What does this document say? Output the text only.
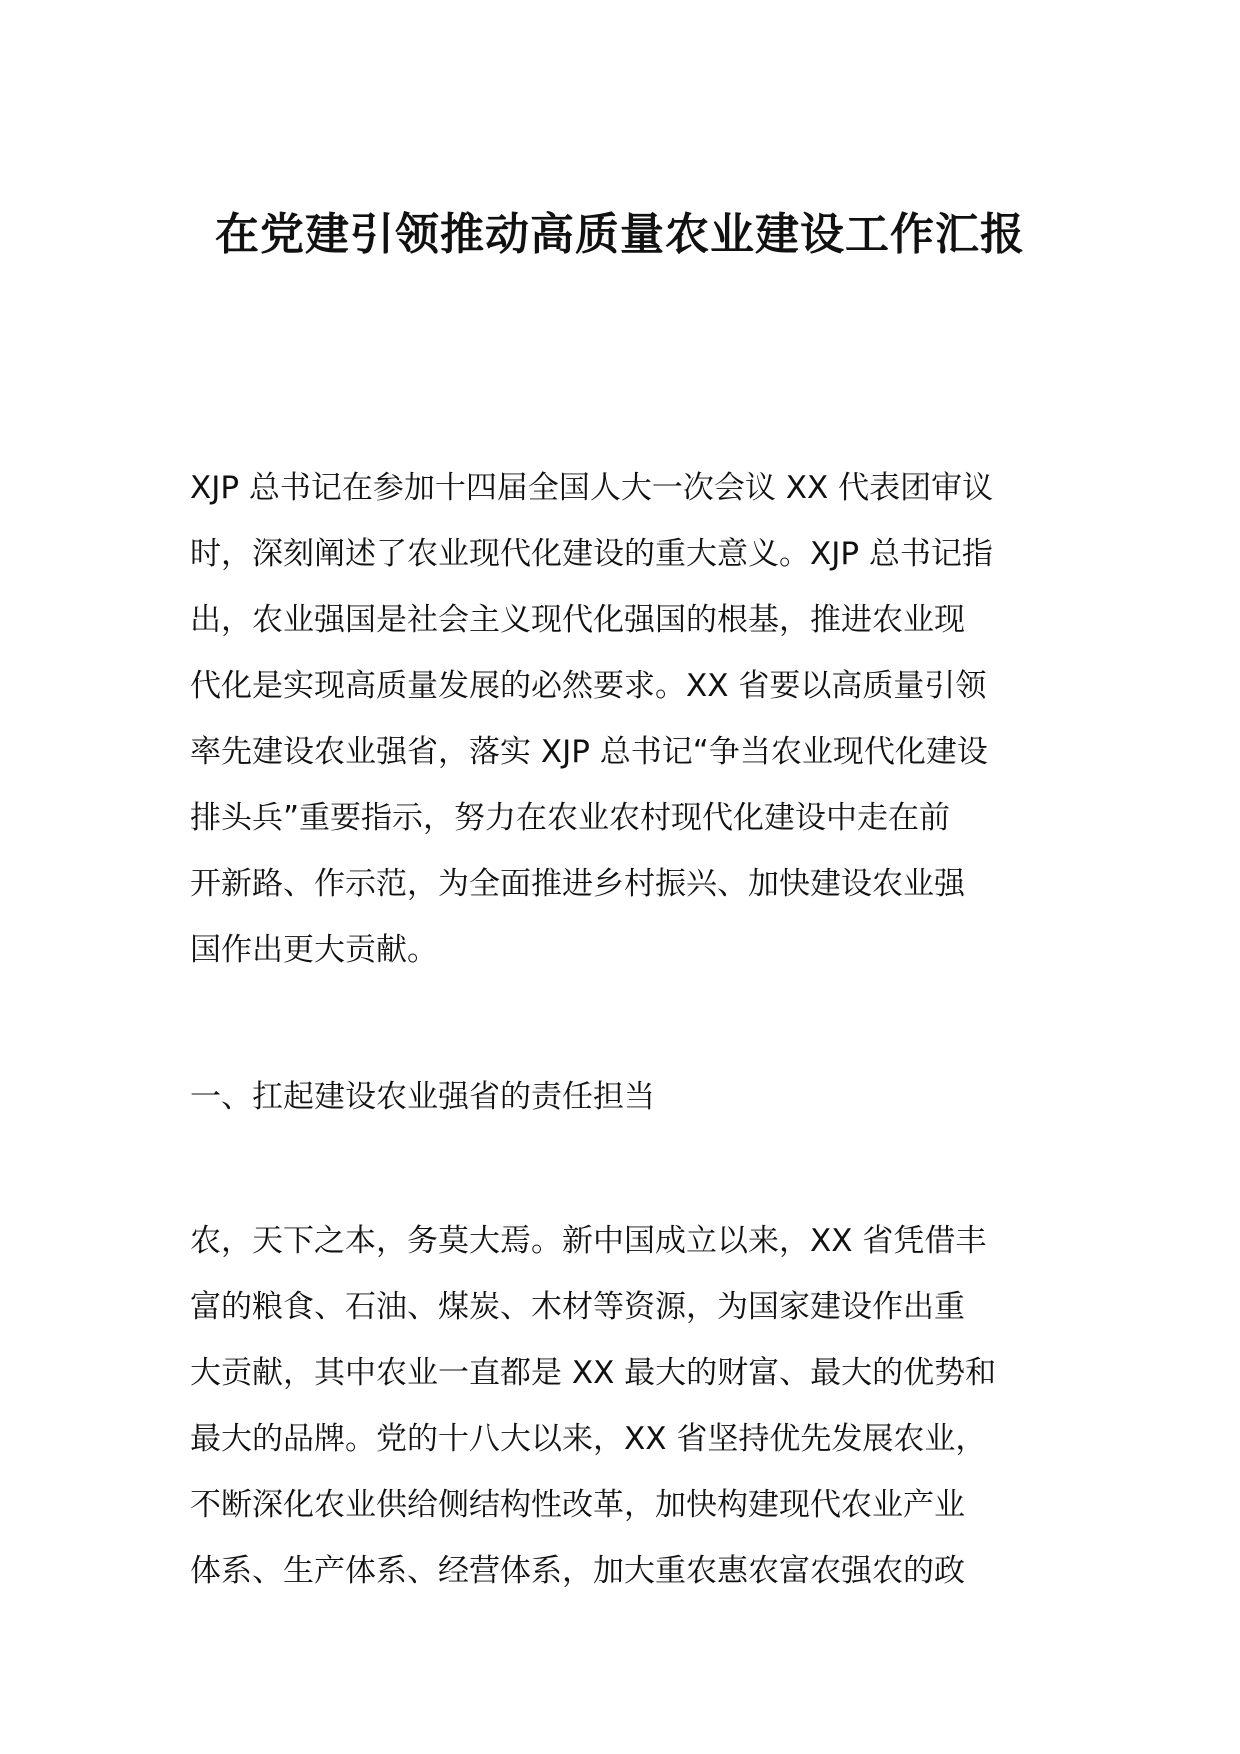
在党建引领推动高质量农业建设工作汇报
XJP 总书记在参加十四届全国人大一次会议 XX 代表团审议
时，深刻阐述了农业现代化建设的重大意义。XJP 总书记指
出，农业强国是社会主义现代化强国的根基，推进农业现
代化是实现高质量发展的必然要求。XX 省要以高质量引领
率先建设农业强省，落实 XJP 总书记“争当农业现代化建设
排头兵”重要指示，努力在农业农村现代化建设中走在前
开新路、作示范，为全面推进乡村振兴、加快建设农业强
国作出更大贡献。
一、扛起建设农业强省的责任担当
农，天下之本，务莫大焉。新中国成立以来，XX 省凭借丰
富的粮食、石油、煤炭、木材等资源，为国家建设作出重
大贡献，其中农业一直都是 XX 最大的财富、最大的优势和
最大的品牌。党的十八大以来，XX 省坚持优先发展农业，
不断深化农业供给侧结构性改革，加快构建现代农业产业
体系、生产体系、经营体系，加大重农惠农富农强农的政
